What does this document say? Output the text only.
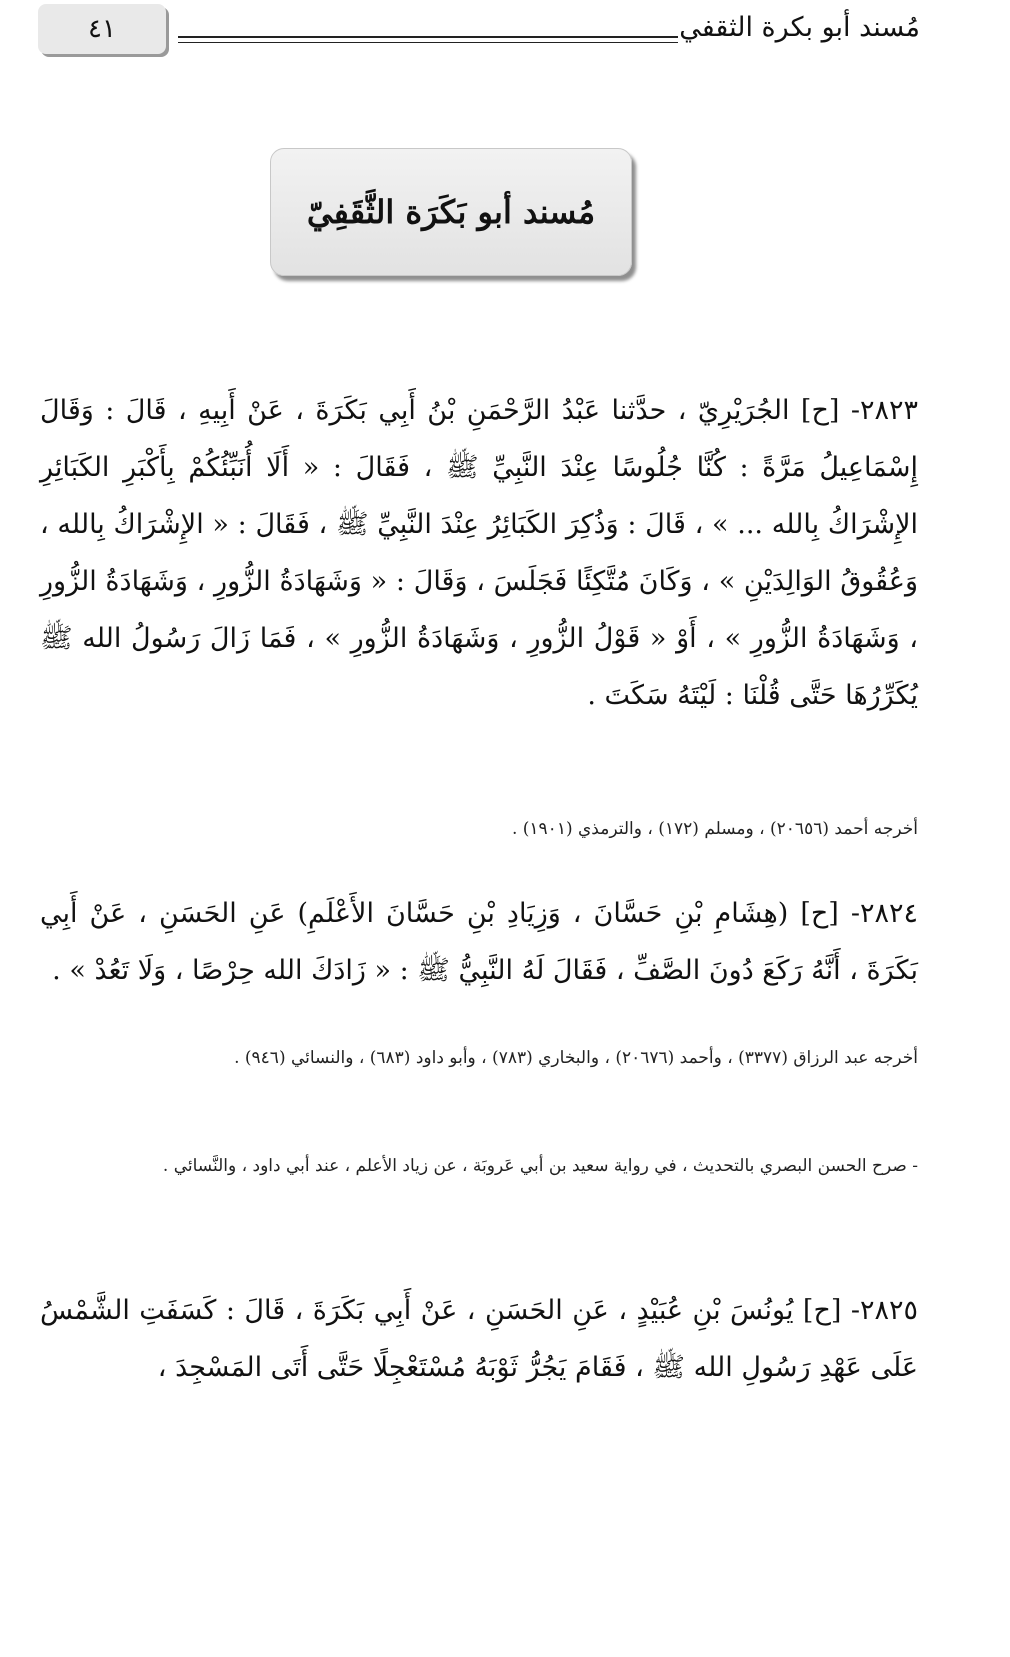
٤١	مُسند أبو بكرة الثقفي
مُسند أبو بَكَرَة الثَّقَفِيّ
٢٨٢٣- [ح] الجُرَيْرِيّ ، حدَّثنا عَبْدُ الرَّحْمَنِ بْنُ أَبِي بَكَرَةَ ، عَنْ أَبِيهِ ، قَالَ : وَقَالَ إِسْمَاعِيلُ مَرَّةً : كُنَّا جُلُوسًا عِنْدَ النَّبِيِّ ﷺ ، فَقَالَ : « أَلَا أُنَبِّئُكُمْ بِأَكْبَرِ الكَبَائِرِ الإِشْرَاكُ بِالله ... » ، قَالَ : وَذُكِرَ الكَبَائِرُ عِنْدَ النَّبِيِّ ﷺ ، فَقَالَ : « الإِشْرَاكُ بِالله ، وَعُقُوقُ الوَالِدَيْنِ » ، وَكَانَ مُتَّكِئًا فَجَلَسَ ، وَقَالَ : « وَشَهَادَةُ الزُّورِ ، وَشَهَادَةُ الزُّورِ ، وَشَهَادَةُ الزُّورِ » ، أَوْ « قَوْلُ الزُّورِ ، وَشَهَادَةُ الزُّورِ » ، فَمَا زَالَ رَسُولُ الله ﷺ يُكَرِّرُهَا حَتَّى قُلْنَا : لَيْتَهُ سَكَتَ .
أخرجه أحمد (٢٠٦٥٦) ، ومسلم (١٧٢) ، والترمذي (١٩٠١) .
٢٨٢٤- [ح] (هِشَامِ بْنِ حَسَّانَ ، وَزِيَادِ بْنِ حَسَّانَ الأَعْلَمِ) عَنِ الحَسَنِ ، عَنْ أَبِي بَكَرَةَ ، أَنَّهُ رَكَعَ دُونَ الصَّفِّ ، فَقَالَ لَهُ النَّبِيُّ ﷺ : « زَادَكَ الله حِرْصًا ، وَلَا تَعُدْ » .
أخرجه عبد الرزاق (٣٣٧٧) ، وأحمد (٢٠٦٧٦) ، والبخاري (٧٨٣) ، وأبو داود (٦٨٣) ، والنسائي (٩٤٦) .
- صرح الحسن البصري بالتحديث ، في رواية سعيد بن أبي عَروبَة ، عن زياد الأعلم ، عند أبي داود ، والنَّسائي .
٢٨٢٥- [ح] يُونُسَ بْنِ عُبَيْدٍ ، عَنِ الحَسَنِ ، عَنْ أَبِي بَكَرَةَ ، قَالَ : كَسَفَتِ الشَّمْسُ عَلَى عَهْدِ رَسُولِ الله ﷺ ، فَقَامَ يَجُرُّ ثَوْبَهُ مُسْتَعْجِلًا حَتَّى أَتَى المَسْجِدَ ،
